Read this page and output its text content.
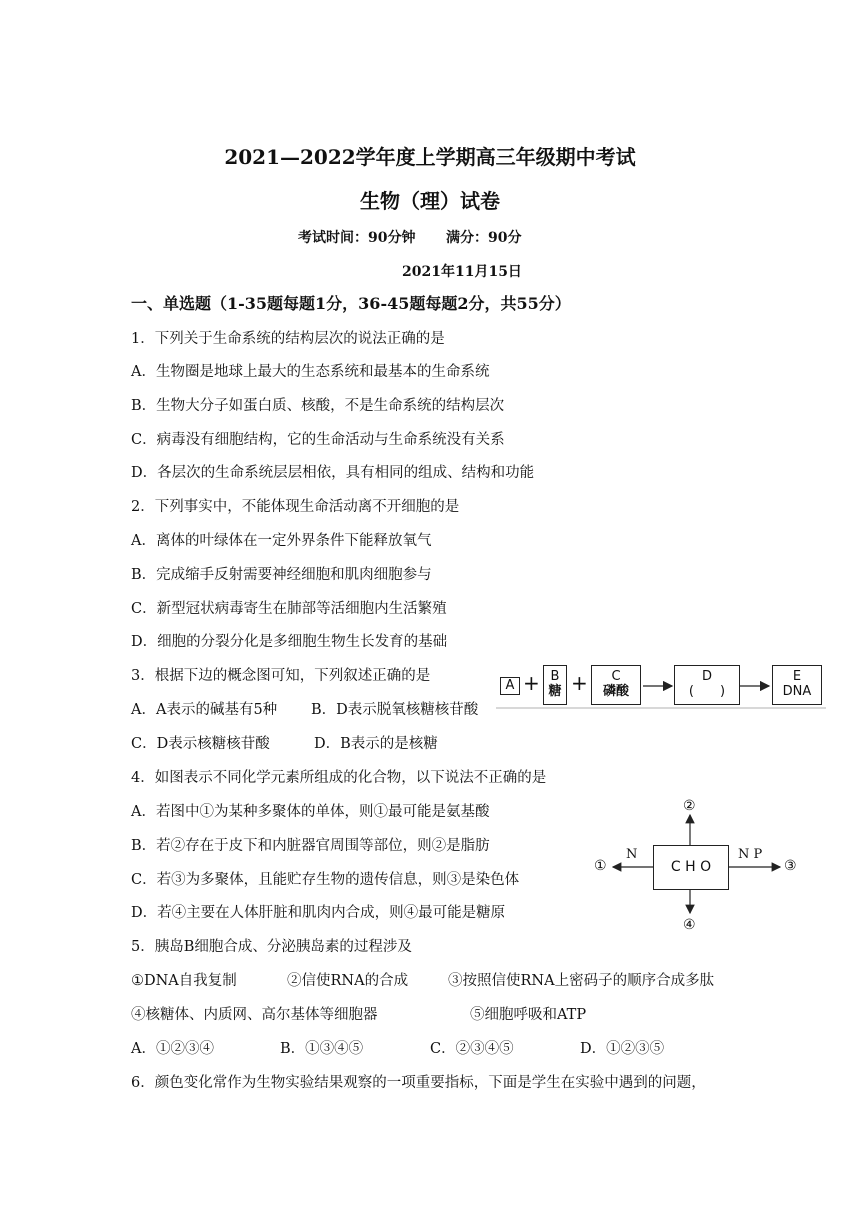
2021—2022学年度上学期高三年级期中考试
生物（理）试卷
考试时间：90分钟 满分：90分
2021年11月15日
一、单选题（1-35题每题1分，36-45题每题2分，共55分）
1．下列关于生命系统的结构层次的说法正确的是
A．生物圈是地球上最大的生态系统和最基本的生命系统
B．生物大分子如蛋白质、核酸，不是生命系统的结构层次
C．病毒没有细胞结构，它的生命活动与生命系统没有关系
D．各层次的生命系统层层相依，具有相同的组成、结构和功能
2．下列事实中，不能体现生命活动离不开细胞的是
A．离体的叶绿体在一定外界条件下能释放氧气
B．完成缩手反射需要神经细胞和肌肉细胞参与
C．新型冠状病毒寄生在肺部等活细胞内生活繁殖
D．细胞的分裂分化是多细胞生物生长发育的基础
3．根据下边的概念图可知，下列叙述正确的是
A．A表示的碱基有5种 B．D表示脱氧核糖核苷酸
C．D表示核糖核苷酸	D．B表示的是核糖
A + B
糖 +	C
磷酸
D
(　　)
E
DNA
4．如图表示不同化学元素所组成的化合物，以下说法不正确的是
A．若图中①为某种多聚体的单体，则①最可能是氨基酸
B．若②存在于皮下和内脏器官周围等部位，则②是脂肪
C．若③为多聚体，且能贮存生物的遗传信息，则③是染色体
D．若④主要在人体肝脏和肌肉内合成，则④最可能是糖原
C H O
N	N P
②
④
①	③
5．胰岛B细胞合成、分泌胰岛素的过程涉及
①DNA自我复制	②信使RNA的合成	③按照信使RNA上密码子的顺序合成多肽
④核糖体、内质网、高尔基体等细胞器	⑤细胞呼吸和ATP
A．①②③④	B．①③④⑤	C．②③④⑤	D．①②③⑤
6．颜色变化常作为生物实验结果观察的一项重要指标，下面是学生在实验中遇到的问题，
